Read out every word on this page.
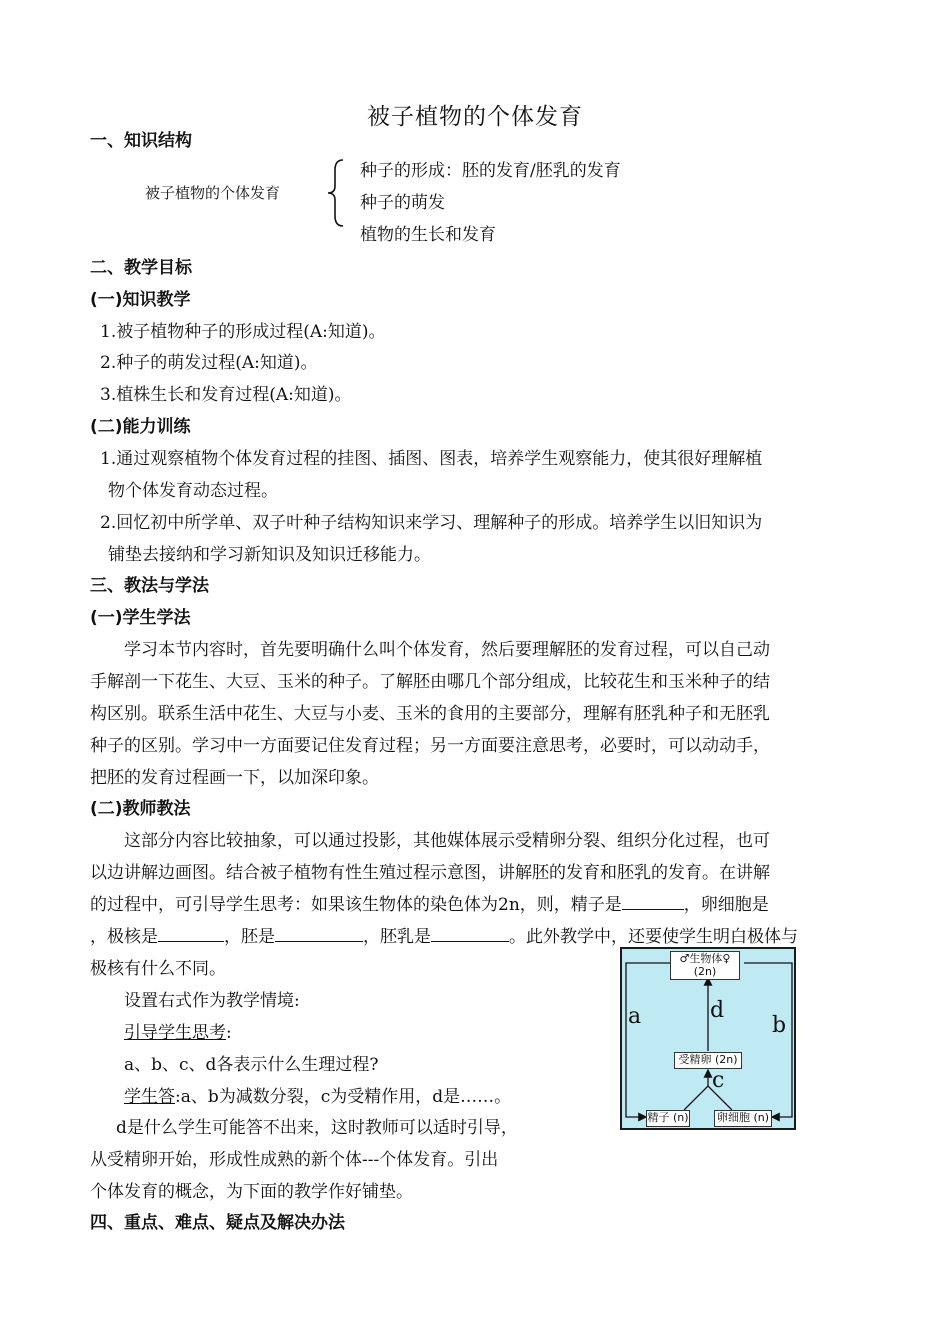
被子植物的个体发育
一、知识结构
被子植物的个体发育
种子的形成：胚的发育/胚乳的发育
种子的萌发
植物的生长和发育
二、教学目标
(一)知识教学
1.被子植物种子的形成过程(A:知道)。
2.种子的萌发过程(A:知道)。
3.植株生长和发育过程(A:知道)。
(二)能力训练
1.通过观察植物个体发育过程的挂图、插图、图表，培养学生观察能力，使其很好理解植
物个体发育动态过程。
2.回忆初中所学单、双子叶种子结构知识来学习、理解种子的形成。培养学生以旧知识为
铺垫去接纳和学习新知识及知识迁移能力。
三、教法与学法
(一)学生学法
学习本节内容时，首先要明确什么叫个体发育，然后要理解胚的发育过程，可以自己动
手解剖一下花生、大豆、玉米的种子。了解胚由哪几个部分组成，比较花生和玉米种子的结
构区别。联系生活中花生、大豆与小麦、玉米的食用的主要部分，理解有胚乳种子和无胚乳
种子的区别。学习中一方面要记住发育过程；另一方面要注意思考，必要时，可以动动手，
把胚的发育过程画一下，以加深印象。
(二)教师教法
这部分内容比较抽象，可以通过投影，其他媒体展示受精卵分裂、组织分化过程，也可
以边讲解边画图。结合被子植物有性生殖过程示意图，讲解胚的发育和胚乳的发育。在讲解
的过程中，可引导学生思考：如果该生物体的染色体为2n，则，精子是	，卵细胞是
，极核是	，胚是	，胚乳是	。此外教学中，还要使学生明白极体与
极核有什么不同。
设置右式作为教学情境:
引导学生思考:
a、b、c、d各表示什么生理过程?
学生答:a、b为减数分裂，c为受精作用，d是……。
d是什么学生可能答不出来，这时教师可以适时引导，
从受精卵开始，形成性成熟的新个体---个体发育。引出
个体发育的概念，为下面的教学作好铺垫。
四、重点、难点、疑点及解决办法
♂生物体♀
(2n)
受精卵 (2n)
精子 (n)	卵细胞 (n)
a	b
d
c
